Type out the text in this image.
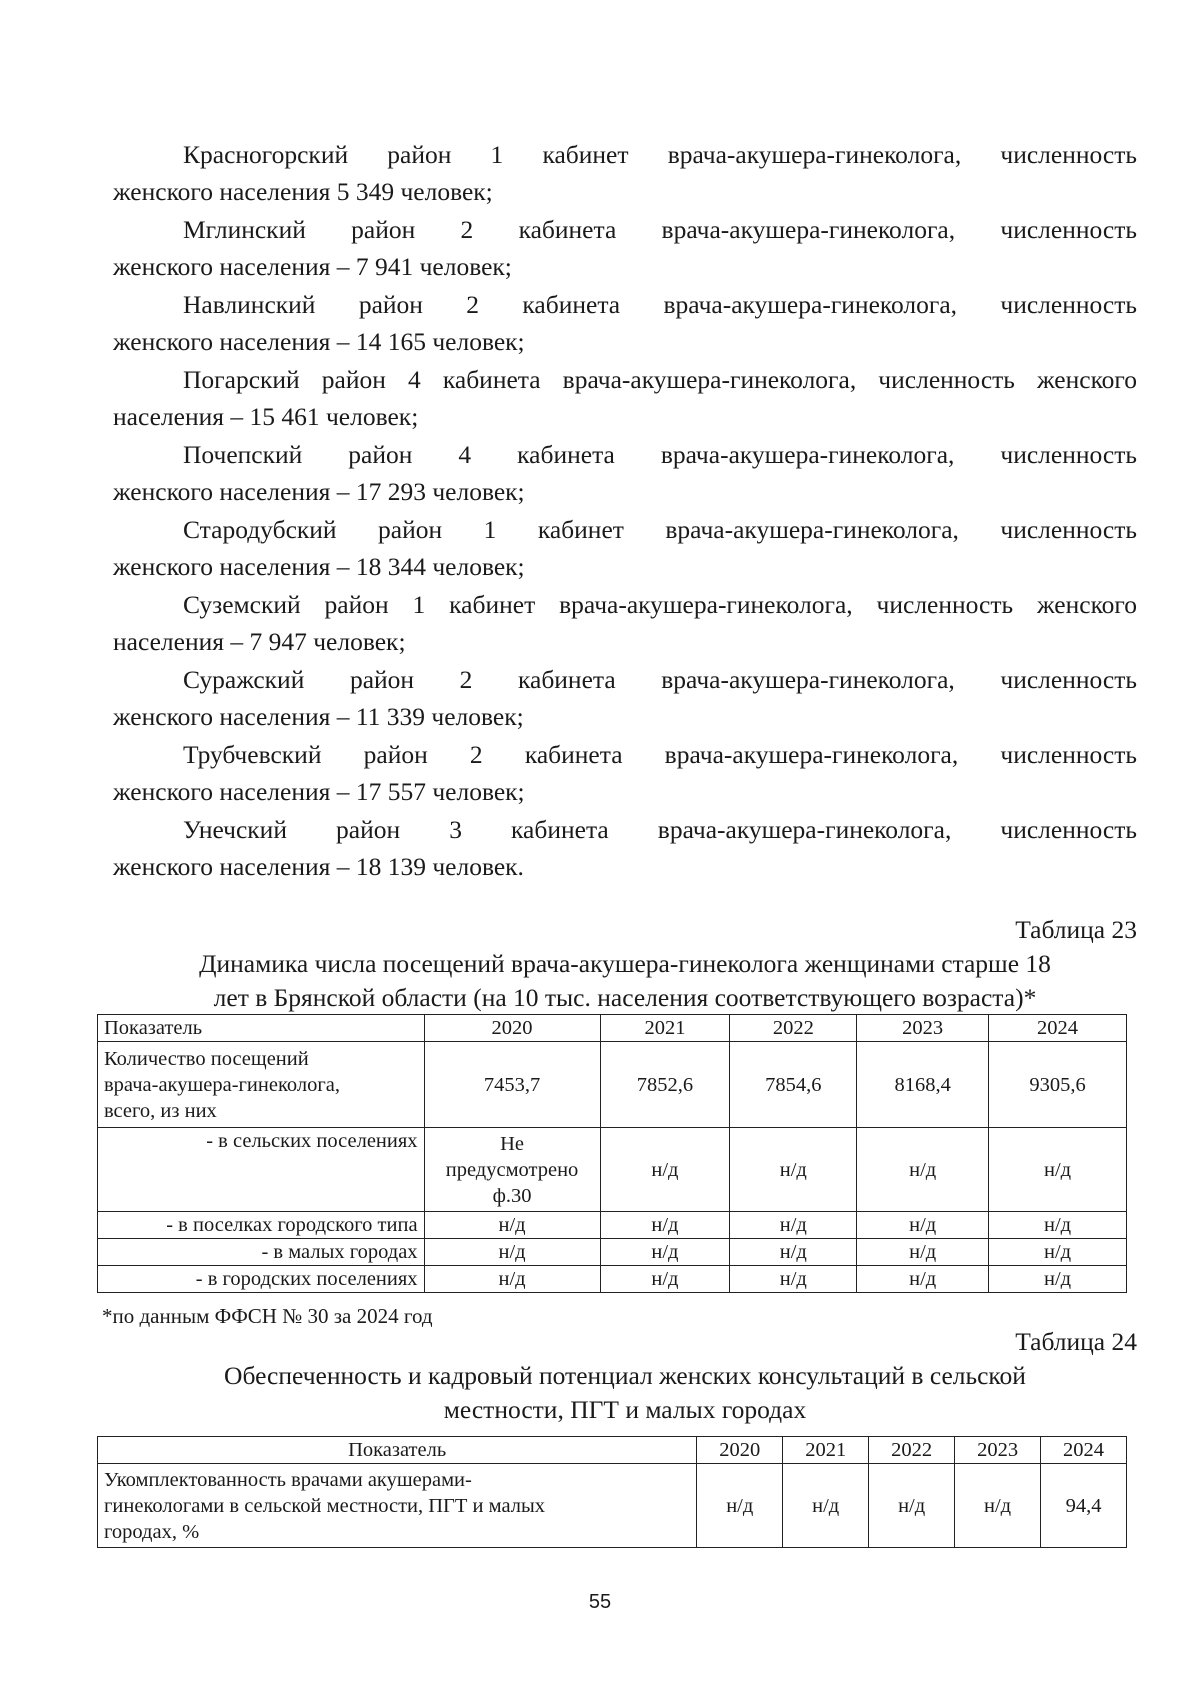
Красногорский район 1 кабинет врача-акушера-гинеколога, численность
женского населения 5 349 человек;
Мглинский район 2 кабинета врача-акушера-гинеколога, численность
женского населения – 7 941 человек;
Навлинский район 2 кабинета врача-акушера-гинеколога, численность
женского населения – 14 165 человек;
Погарский район 4 кабинета врача-акушера-гинеколога, численность женского
населения – 15 461 человек;
Почепский район 4 кабинета врача-акушера-гинеколога, численность
женского населения – 17 293 человек;
Стародубский район 1 кабинет врача-акушера-гинеколога, численность
женского населения – 18 344 человек;
Суземский район 1 кабинет врача-акушера-гинеколога, численность женского
населения – 7 947 человек;
Суражский район 2 кабинета врача-акушера-гинеколога, численность
женского населения – 11 339 человек;
Трубчевский район 2 кабинета врача-акушера-гинеколога, численность
женского населения – 17 557 человек;
Унечский район 3 кабинета врача-акушера-гинеколога, численность
женского населения – 18 139 человек.
Таблица 23
Динамика числа посещений врача-акушера-гинеколога женщинами старше 18
лет в Брянской области (на 10 тыс. населения соответствующего возраста)*
Показатель	2020	2021	2022	2023	2024

Количество посещений
врача-акушера-гинеколога,
всего, из них	7453,7	7852,6	7854,6	8168,4	9305,6
- в сельских поселениях	Не
предусмотрено
ф.30	н/д	н/д	н/д	н/д
- в поселках городского типа	н/д	н/д	н/д	н/д	н/д
- в малых городах	н/д	н/д	н/д	н/д	н/д
- в городских поселениях	н/д	н/д	н/д	н/д	н/д
*по данным ФФСН № 30 за 2024 год
Таблица 24
Обеспеченность и кадровый потенциал женских консультаций в сельской
местности, ПГТ и малых городах
Показатель	2020	2021	2022	2023	2024

Укомплектованность врачами акушерами-
гинекологами в сельской местности, ПГТ и малых
городах, %	н/д	н/д	н/д	н/д	94,4
55
